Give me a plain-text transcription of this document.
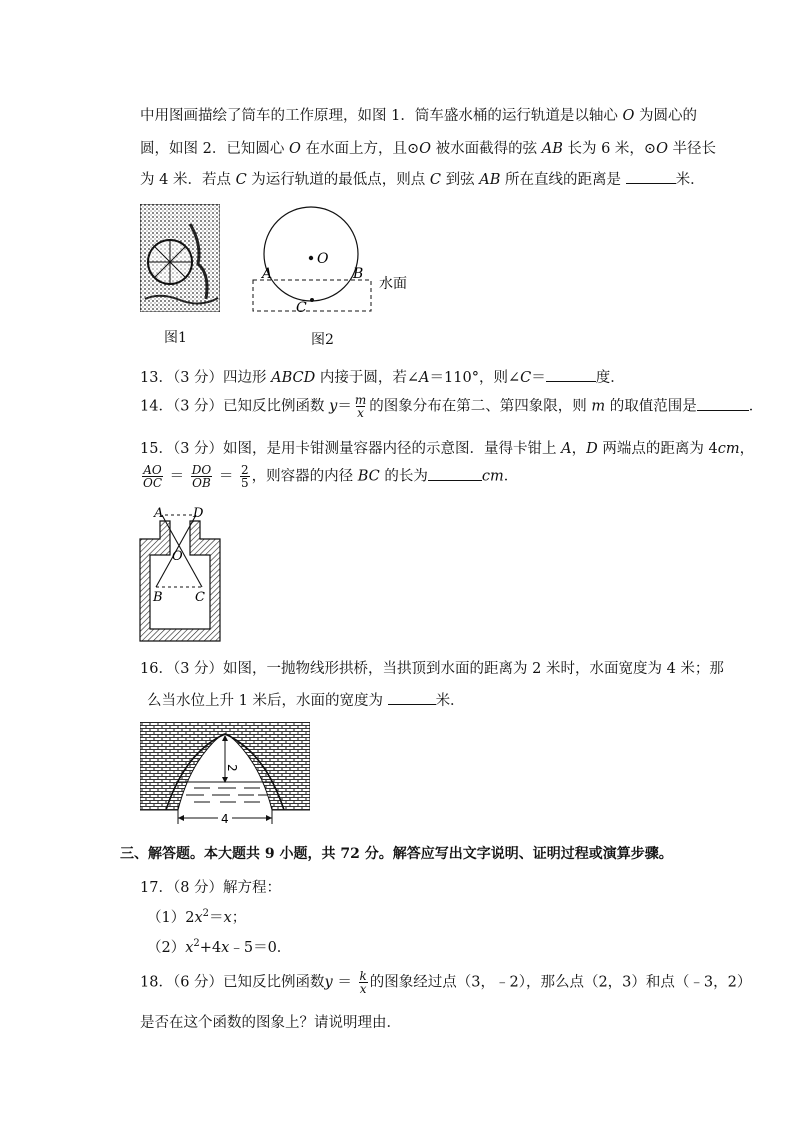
中用图画描绘了筒车的工作原理，如图 1．筒车盛水桶的运行轨道是以轴心 O 为圆心的
圆，如图 2．已知圆心 O 在水面上方，且⊙O 被水面截得的弦 AB 长为 6 米，⊙O 半径长
为 4 米．若点 C 为运行轨道的最低点，则点 C 到弦 AB 所在直线的距离是	米．
图1
O
A	B
C
水面
图2
13．（3 分）四边形 ABCD 内接于圆，若∠A＝110°，则∠C＝	度．
14．（3 分）已知反比例函数 $y= \frac{m}{x}$ 的图象分布在第二、第四象限，则 m 的取值范围是	．
15．（3 分）如图，是用卡钳测量容器内径的示意图．量得卡钳上 A，D 两端点的距离为 4cm，
$\frac{AO}{OC} = \frac{DO}{OB} = \frac{2}{5}$ ，则容器的内径 BC 的长为	cm．
A D
O
B C
16．（3 分）如图，一抛物线形拱桥，当拱顶到水面的距离为 2 米时，水面宽度为 4 米；那
么当水位上升 1 米后，水面的宽度为	米．
2
4
三、解答题。本大题共 9 小题，共 72 分。解答应写出文字说明、证明过程或演算步骤。
17．（8 分）解方程：
$(1)2x^2=x$；
$(2)x^2+4x﹣5=0$．
18．（6 分）已知反比例函数$y = \frac{k}{x}$ 的图象经过点（3，﹣2），那么点（2，3）和点（﹣3，2）
是否在这个函数的图象上？请说明理由．
